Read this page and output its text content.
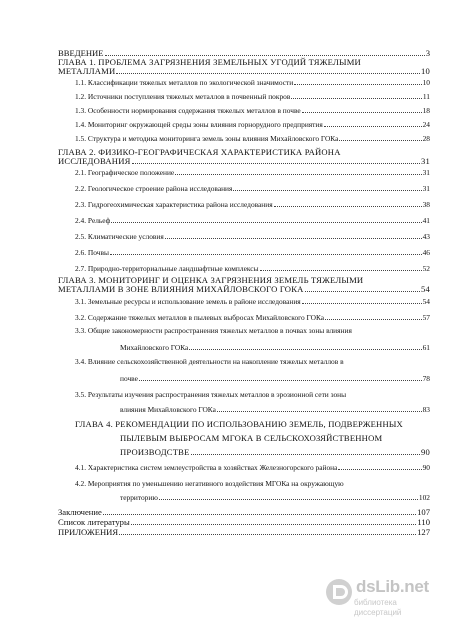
ВВЕДЕНИЕ	3
ГЛАВА 1. ПРОБЛЕМА ЗАГРЯЗНЕНИЯ ЗЕМЕЛЬНЫХ УГОДИЙ ТЯЖЕЛЫМИ
МЕТАЛЛАМИ	10
1.1. Классификации тяжелых металлов по экологической значимости	10
1.2. Источники поступления тяжелых металлов в почвенный покров	11
1.3. Особенности нормирования содержания тяжелых металлов в почве	18
1.4. Мониторинг окружающей среды зоны влияния горнорудного предприятия	24
1.5. Структура и методика мониторинга земель зоны влияния Михайловского ГОКа	28
ГЛАВА 2. ФИЗИКО-ГЕОГРАФИЧЕСКАЯ ХАРАКТЕРИСТИКА РАЙОНА
ИССЛЕДОВАНИЯ	31
2.1. Географическое положение	31
2.2. Геологическое строение района исследования	31
2.3. Гидрогеохимическая характеристика района исследования	38
2.4. Рельеф	41
2.5. Климатические условия	43
2.6. Почвы	46
2.7. Природно-территориальные ландшафтные комплексы	52
ГЛАВА 3. МОНИТОРИНГ И ОЦЕНКА ЗАГРЯЗНЕНИЯ ЗЕМЕЛЬ ТЯЖЕЛЫМИ
МЕТАЛЛАМИ В ЗОНЕ ВЛИЯНИЯ МИХАЙЛОВСКОГО ГОКА	54
3.1. Земельные ресурсы и использование земель в районе исследования	54
3.2. Содержание тяжелых металлов в пылевых выбросах Михайловского ГОКа	57
3.3. Общие закономерности распространения тяжелых металлов в почвах зоны влияния
Михайловского ГОКа	61
3.4. Влияние сельскохозяйственной деятельности на накопление тяжелых металлов в
почве	78
3.5. Результаты изучения распространения тяжелых металлов в эрозионной сети зоны
влияния Михайловского ГОКа	83
ГЛАВА 4. РЕКОМЕНДАЦИИ ПО ИСПОЛЬЗОВАНИЮ ЗЕМЕЛЬ, ПОДВЕРЖЕННЫХ
ПЫЛЕВЫМ ВЫБРОСАМ МГОКА В СЕЛЬСКОХОЗЯЙСТВЕННОМ
ПРОИЗВОДСТВЕ	90
4.1. Характеристика систем землеустройства в хозяйствах Железногорского района	90
4.2. Мероприятия по уменьшению негативного воздействия МГОКа на окружающую
территорию	102
Заключение	107
Список литературы	110
ПРИЛОЖЕНИЯ	127
dsLib.net
библиотека диссертаций
